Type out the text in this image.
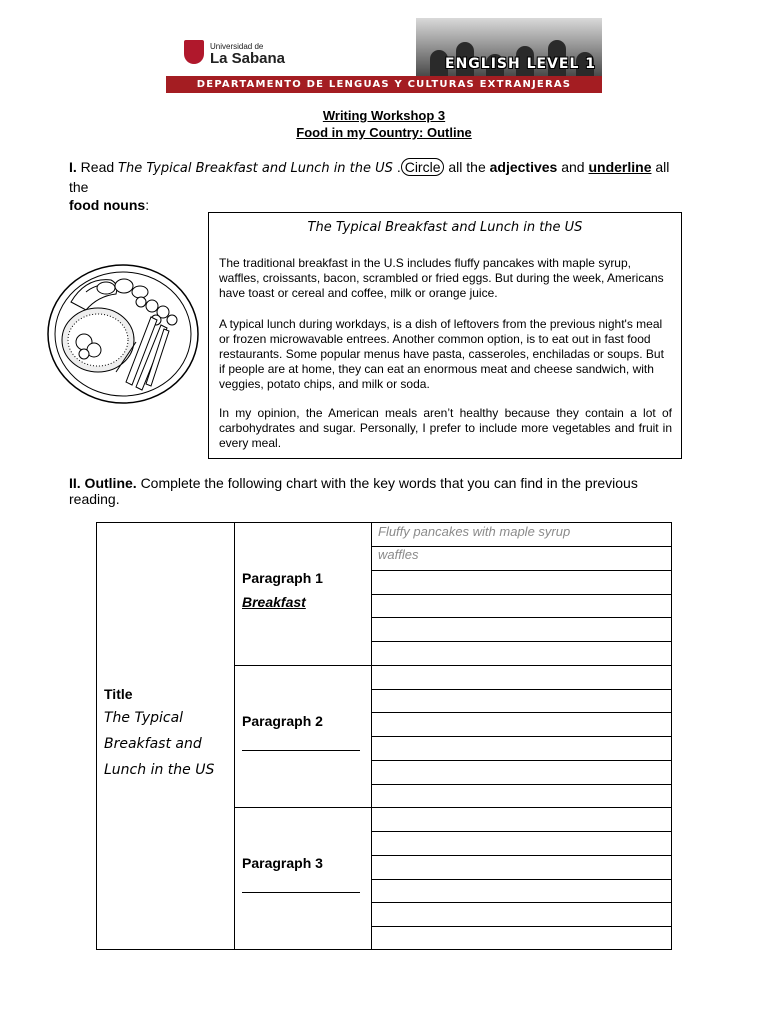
Universidad de
La Sabana	ENGLISH LEVEL 1
DEPARTAMENTO DE LENGUAS Y CULTURAS EXTRANJERAS
Writing Workshop 3
Food in my Country: Outline
I. Read The Typical Breakfast and Lunch in the US . Circle all the adjectives and underline all the
food nouns:
The Typical Breakfast and Lunch in the US
The traditional breakfast in the U.S includes fluffy pancakes with maple syrup, waffles, croissants, bacon, scrambled or fried eggs. But during the week, Americans have toast or cereal and coffee, milk or orange juice.
A typical lunch during workdays, is a dish of leftovers from the previous night's meal or frozen microwavable entrees. Another common option, is to eat out in fast food restaurants. Some popular menus have pasta, casseroles, enchiladas or soups. But if people are at home, they can eat an enormous meat and cheese sandwich, with veggies, potato chips, and milk or soda.
In my opinion, the American meals aren’t healthy because they contain a lot of carbohydrates and sugar. Personally, I prefer to include more vegetables and fruit in every meal.
II. Outline. Complete the following chart with the key words that you can find in the previous reading.
Title
The Typical Breakfast and Lunch in the US
Paragraph 1
Breakfast
Paragraph 2
Paragraph 3
Fluffy pancakes with maple syrup
waffles
